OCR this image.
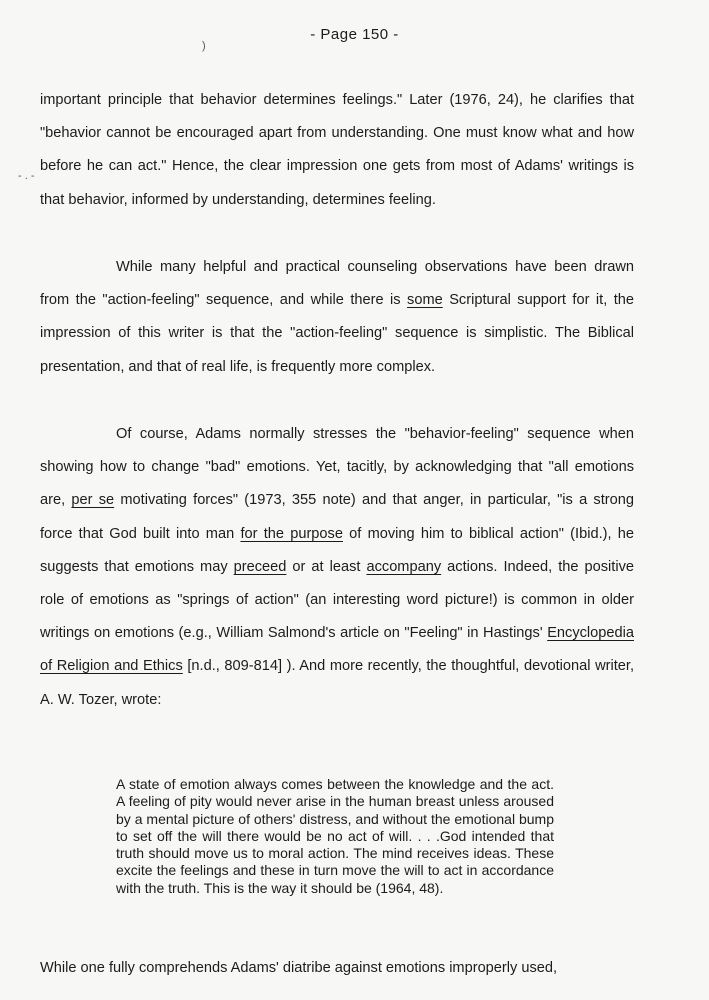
- Page 150 -
)
- . -

important principle that behavior determines feelings." Later (1976, 24), he clarifies that "behavior cannot be encouraged apart from understanding. One must know what and how before he can act." Hence, the clear impression one gets from most of Adams' writings is that behavior, informed by understanding, determines feeling.

While many helpful and practical counseling observations have been drawn from the "action-feeling" sequence, and while there is some Scriptural support for it, the impression of this writer is that the "action-feeling" sequence is simplistic. The Biblical presentation, and that of real life, is frequently more complex.

Of course, Adams normally stresses the "behavior-feeling" sequence when showing how to change "bad" emotions. Yet, tacitly, by acknowledging that "all emotions are, per se motivating forces" (1973, 355 note) and that anger, in particular, "is a strong force that God built into man for the purpose of moving him to biblical action" (Ibid.), he suggests that emotions may preceed or at least accompany actions. Indeed, the positive role of emotions as "springs of action" (an interesting word picture!) is common in older writings on emotions (e.g., William Salmond's article on "Feeling" in Hastings' Encyclopedia of Religion and Ethics [n.d., 809-814] ). And more recently, the thoughtful, devotional writer, A. W. Tozer, wrote:

A state of emotion always comes between the knowledge and the act. A feeling of pity would never arise in the human breast unless aroused by a mental picture of others' distress, and without the emotional bump to set off the will there would be no act of will. . . .God intended that truth should move us to moral action. The mind receives ideas. These excite the feelings and these in turn move the will to act in accordance with the truth. This is the way it should be (1964, 48).

While one fully comprehends Adams' diatribe against emotions improperly used,
